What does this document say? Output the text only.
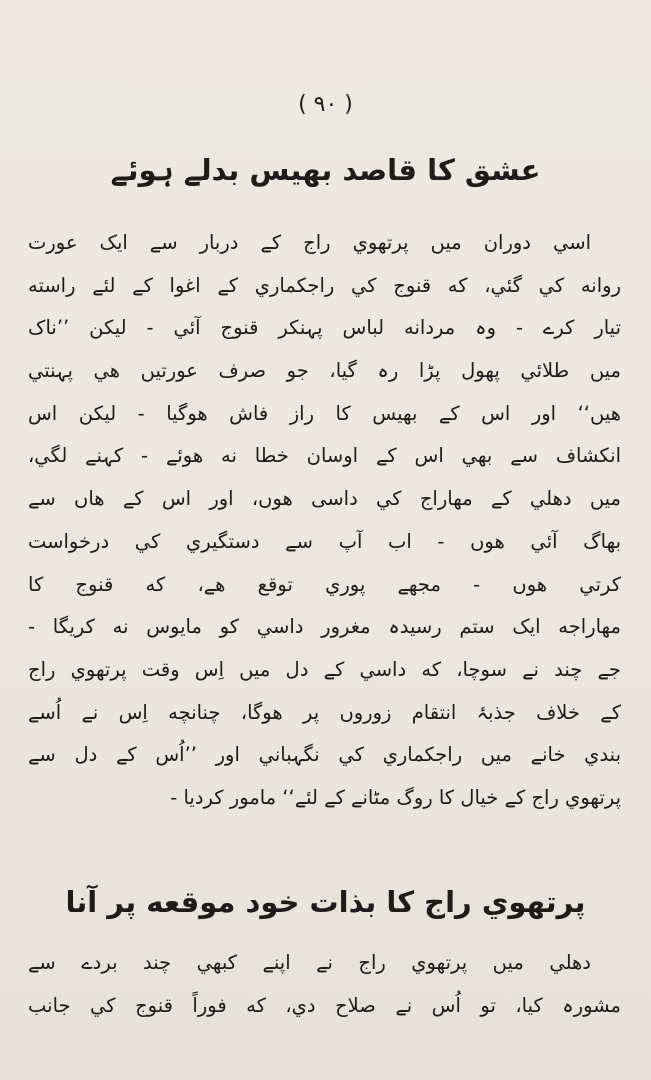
( ۹۰ )
عشق کا قاصد بھیس بدلے ہوئے
اسي دوران میں پرتھوي راج کے دربار سے ایک عورت
روانه کي گئي، که قنوج کي راجکماري کے اغوا کے لئے راسته
تیار کرے - وہ مردانه لباس پہنکر قنوج آئي - لیکن ’’ناک
میں طلائي پھول پڑا رہ گیا، جو صرف عورتیں هي پہنتي
هیں‘‘ اور اس کے بھیس کا راز فاش هوگیا - لیکن اس
انکشاف سے بھي اس کے اوسان خطا نه هوئے - کہنے لگي،
میں دهلي کے مهاراج کي داسی هوں، اور اس کے هاں سے
بھاگ آئي هوں - اب آپ سے دستگیري کي درخواست
کرتي هوں - مجھے پوري توقع هے، که قنوج کا
مهاراجه ایک ستم رسیدہ مغرور داسي کو مایوس نه کریگا -
جے چند نے سوچا، که داسي کے دل میں اِس وقت پرتھوي راج
کے خلاف جذبۂ انتقام زوروں پر هوگا، چنانچه اِس نے اُسے
بندي خانے میں راجکماري کي نگہباني اور ’’اُس کے دل سے
پرتھوي راج کے خیال کا روگ مٹانے کے لئے‘‘ مامور کردیا -
پرتھوي راج کا بذات خود موقعه پر آنا
دهلي میں پرتھوي راج نے اپنے کبھي چند بردے سے
مشورہ کیا، تو اُس نے صلاح دي، که فوراً قنوج کي جانب
